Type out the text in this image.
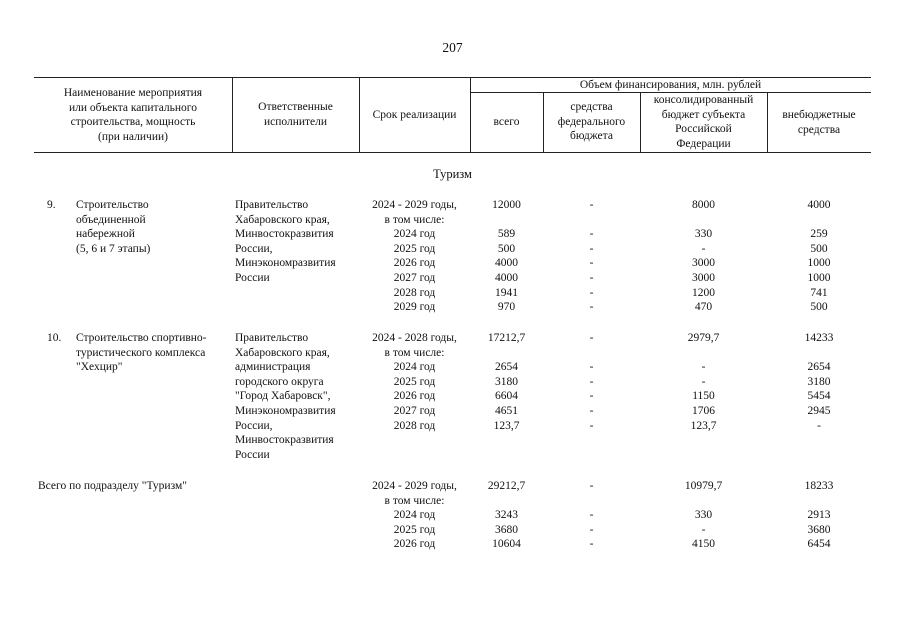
207
Наименование мероприятия
или объекта капитального
строительства, мощность
(при наличии)
Ответственные
исполнители
Срок реализации
Объем финансирования, млн. рублей
всего
средства
федерального
бюджета
консолидированный
бюджет субъекта
Российской
Федерации
внебюджетные
средства
Туризм
9. Строительство
объединенной
набережной
(5, 6 и 7 этапы)
Правительство
Хабаровского края,
Минвостокразвития
России,
Минэкономразвития
России
2024 - 2029 годы,
в том числе:
2024 год
2025 год
2026 год
2027 год
2028 год
2029 год
12000

589
500
4000
4000
1941
970
-

-
-
-
-
-
-
8000

330
-
3000
3000
1200
470
4000

259
500
1000
1000
741
500
10. Строительство спортивно-
туристического комплекса
"Хехцир"
Правительство
Хабаровского края,
администрация
городского округа
"Город Хабаровск",
Минэкономразвития
России,
Минвостокразвития
России
2024 - 2028 годы,
в том числе:
2024 год
2025 год
2026 год
2027 год
2028 год
17212,7

2654
3180
6604
4651
123,7
-

-
-
-
-
-
2979,7

-
-
1150
1706
123,7
14233

2654
3180
5454
2945
-
Всего по подразделу "Туризм"	2024 - 2029 годы,
в том числе:
2024 год
2025 год
2026 год
29212,7

3243
3680
10604
-

-
-
-
10979,7

330
-
4150
18233

2913
3680
6454
